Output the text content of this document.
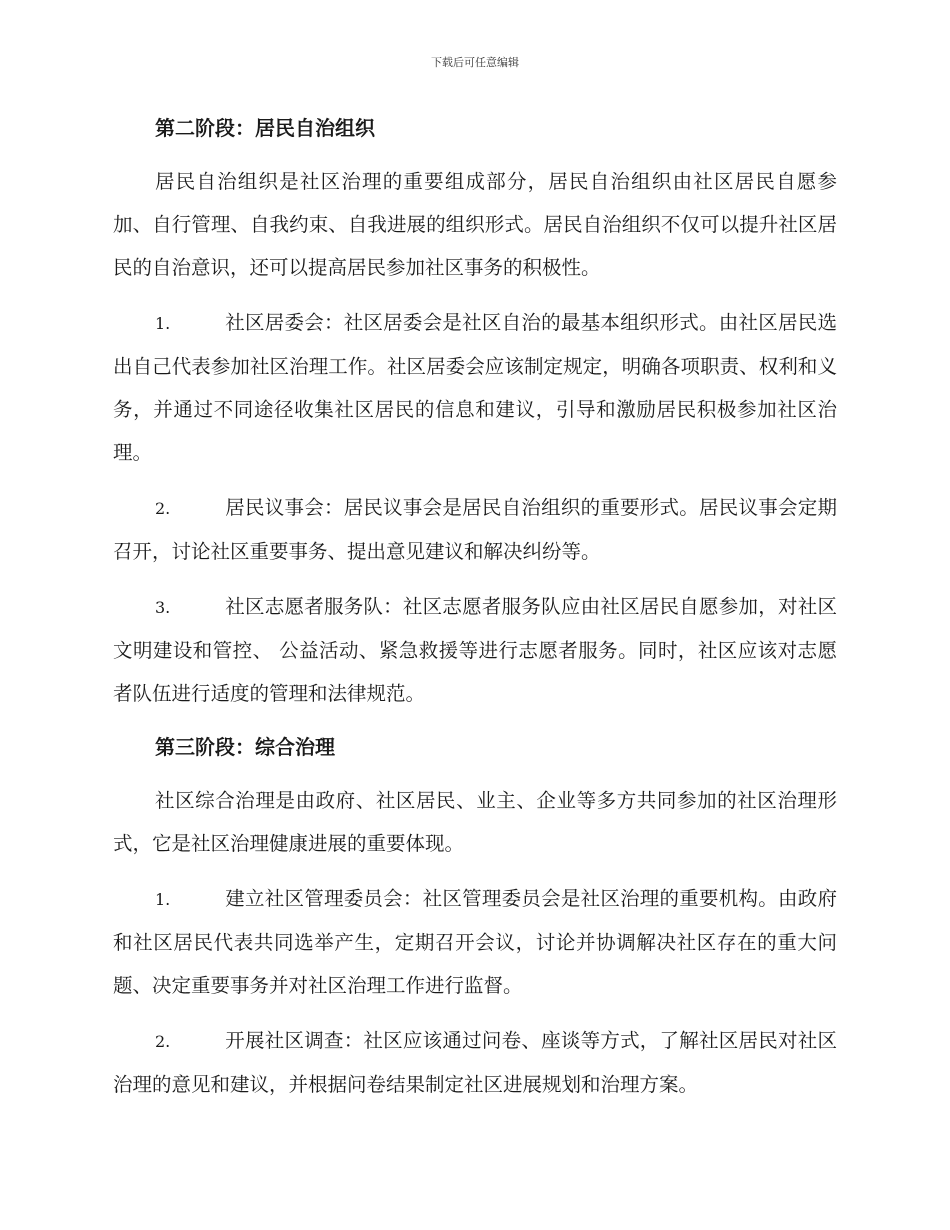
下载后可任意编辑
第二阶段：居民自治组织

居民自治组织是社区治理的重要组成部分，居民自治组织由社区居民自愿参加、自行管理、自我约束、自我进展的组织形式。居民自治组织不仅可以提升社区居民的自治意识，还可以提高居民参加社区事务的积极性。

1.	社区居委会：社区居委会是社区自治的最基本组织形式。由社区居民选出自己代表参加社区治理工作。社区居委会应该制定规定，明确各项职责、权利和义务，并通过不同途径收集社区居民的信息和建议，引导和激励居民积极参加社区治理。

2.	居民议事会：居民议事会是居民自治组织的重要形式。居民议事会定期召开，讨论社区重要事务、提出意见建议和解决纠纷等。

3.	社区志愿者服务队：社区志愿者服务队应由社区居民自愿参加，对社区文明建设和管控、 公益活动、紧急救援等进行志愿者服务。同时，社区应该对志愿者队伍进行适度的管理和法律规范。

第三阶段：综合治理

社区综合治理是由政府、社区居民、业主、企业等多方共同参加的社区治理形式，它是社区治理健康进展的重要体现。

1.	建立社区管理委员会：社区管理委员会是社区治理的重要机构。由政府和社区居民代表共同选举产生，定期召开会议，讨论并协调解决社区存在的重大问题、决定重要事务并对社区治理工作进行监督。

2.	开展社区调查：社区应该通过问卷、座谈等方式，了解社区居民对社区治理的意见和建议，并根据问卷结果制定社区进展规划和治理方案。
